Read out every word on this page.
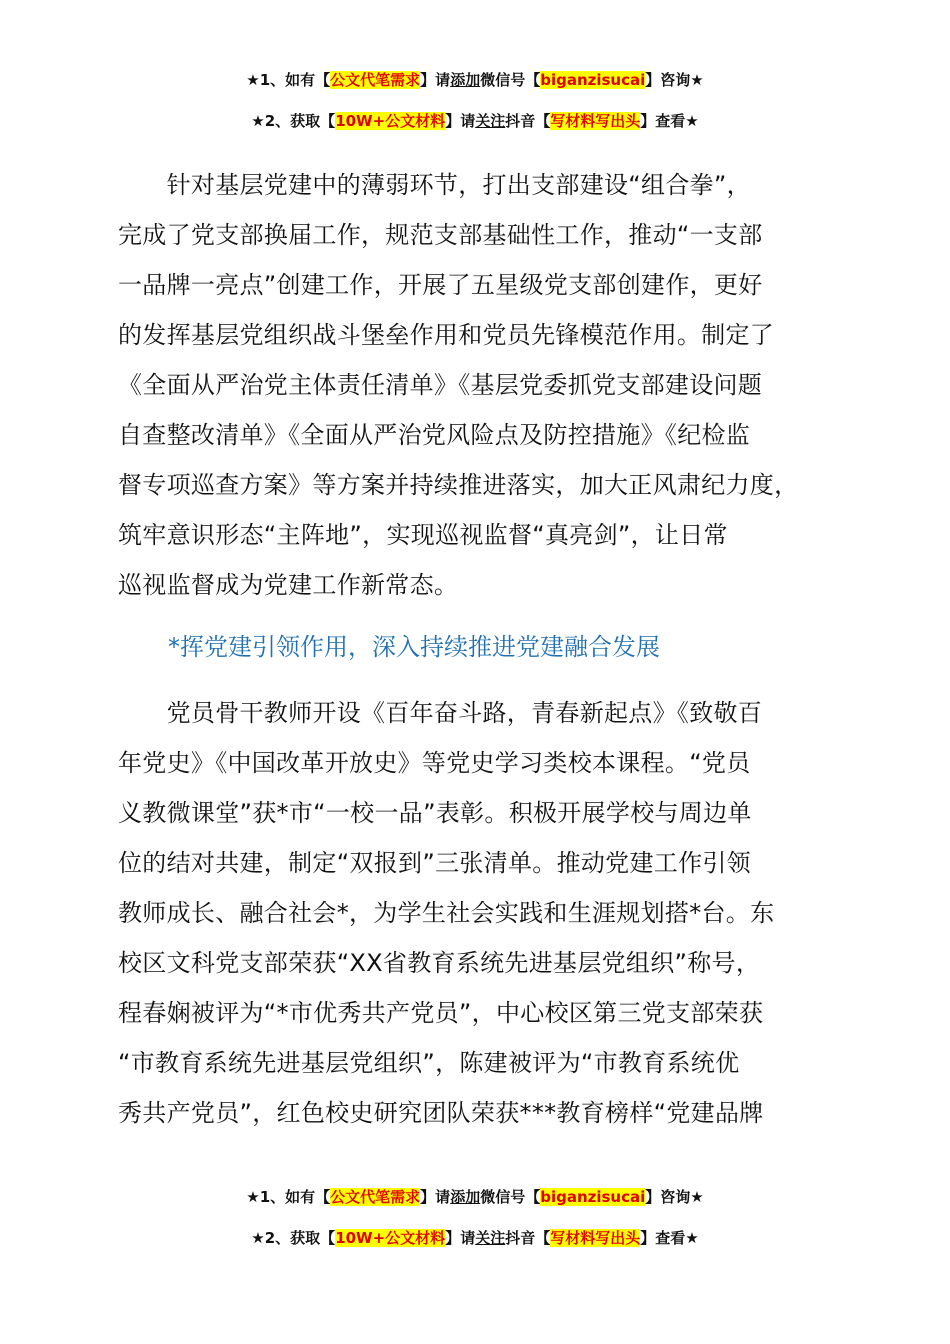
★1、如有【公文代笔需求】请添加微信号【biganzisucai】咨询★
★2、获取【10W+公文材料】请关注抖音【写材料写出头】查看★
　　针对基层党建中的薄弱环节，打出支部建设“组合拳”，
完成了党支部换届工作，规范支部基础性工作，推动“一支部
一品牌一亮点”创建工作，开展了五星级党支部创建作，更好
的发挥基层党组织战斗堡垒作用和党员先锋模范作用。制定了
《全面从严治党主体责任清单》《基层党委抓党支部建设问题
自查整改清单》《全面从严治党风险点及防控措施》《纪检监
督专项巡查方案》等方案并持续推进落实，加大正风肃纪力度，
筑牢意识形态“主阵地”，实现巡视监督“真亮剑”，让日常
巡视监督成为党建工作新常态。
*挥党建引领作用，深入持续推进党建融合发展
　　党员骨干教师开设《百年奋斗路，青春新起点》《致敬百
年党史》《中国改革开放史》等党史学习类校本课程。“党员
义教微课堂”获*市“一校一品”表彰。积极开展学校与周边单
位的结对共建，制定“双报到”三张清单。推动党建工作引领
教师成长、融合社会*，为学生社会实践和生涯规划搭*台。东
校区文科党支部荣获“XX省教育系统先进基层党组织”称号，
程春娴被评为“*市优秀共产党员”，中心校区第三党支部荣获
“市教育系统先进基层党组织”，陈建被评为“市教育系统优
秀共产党员”，红色校史研究团队荣获***教育榜样“党建品牌
★1、如有【公文代笔需求】请添加微信号【biganzisucai】咨询★
★2、获取【10W+公文材料】请关注抖音【写材料写出头】查看★
